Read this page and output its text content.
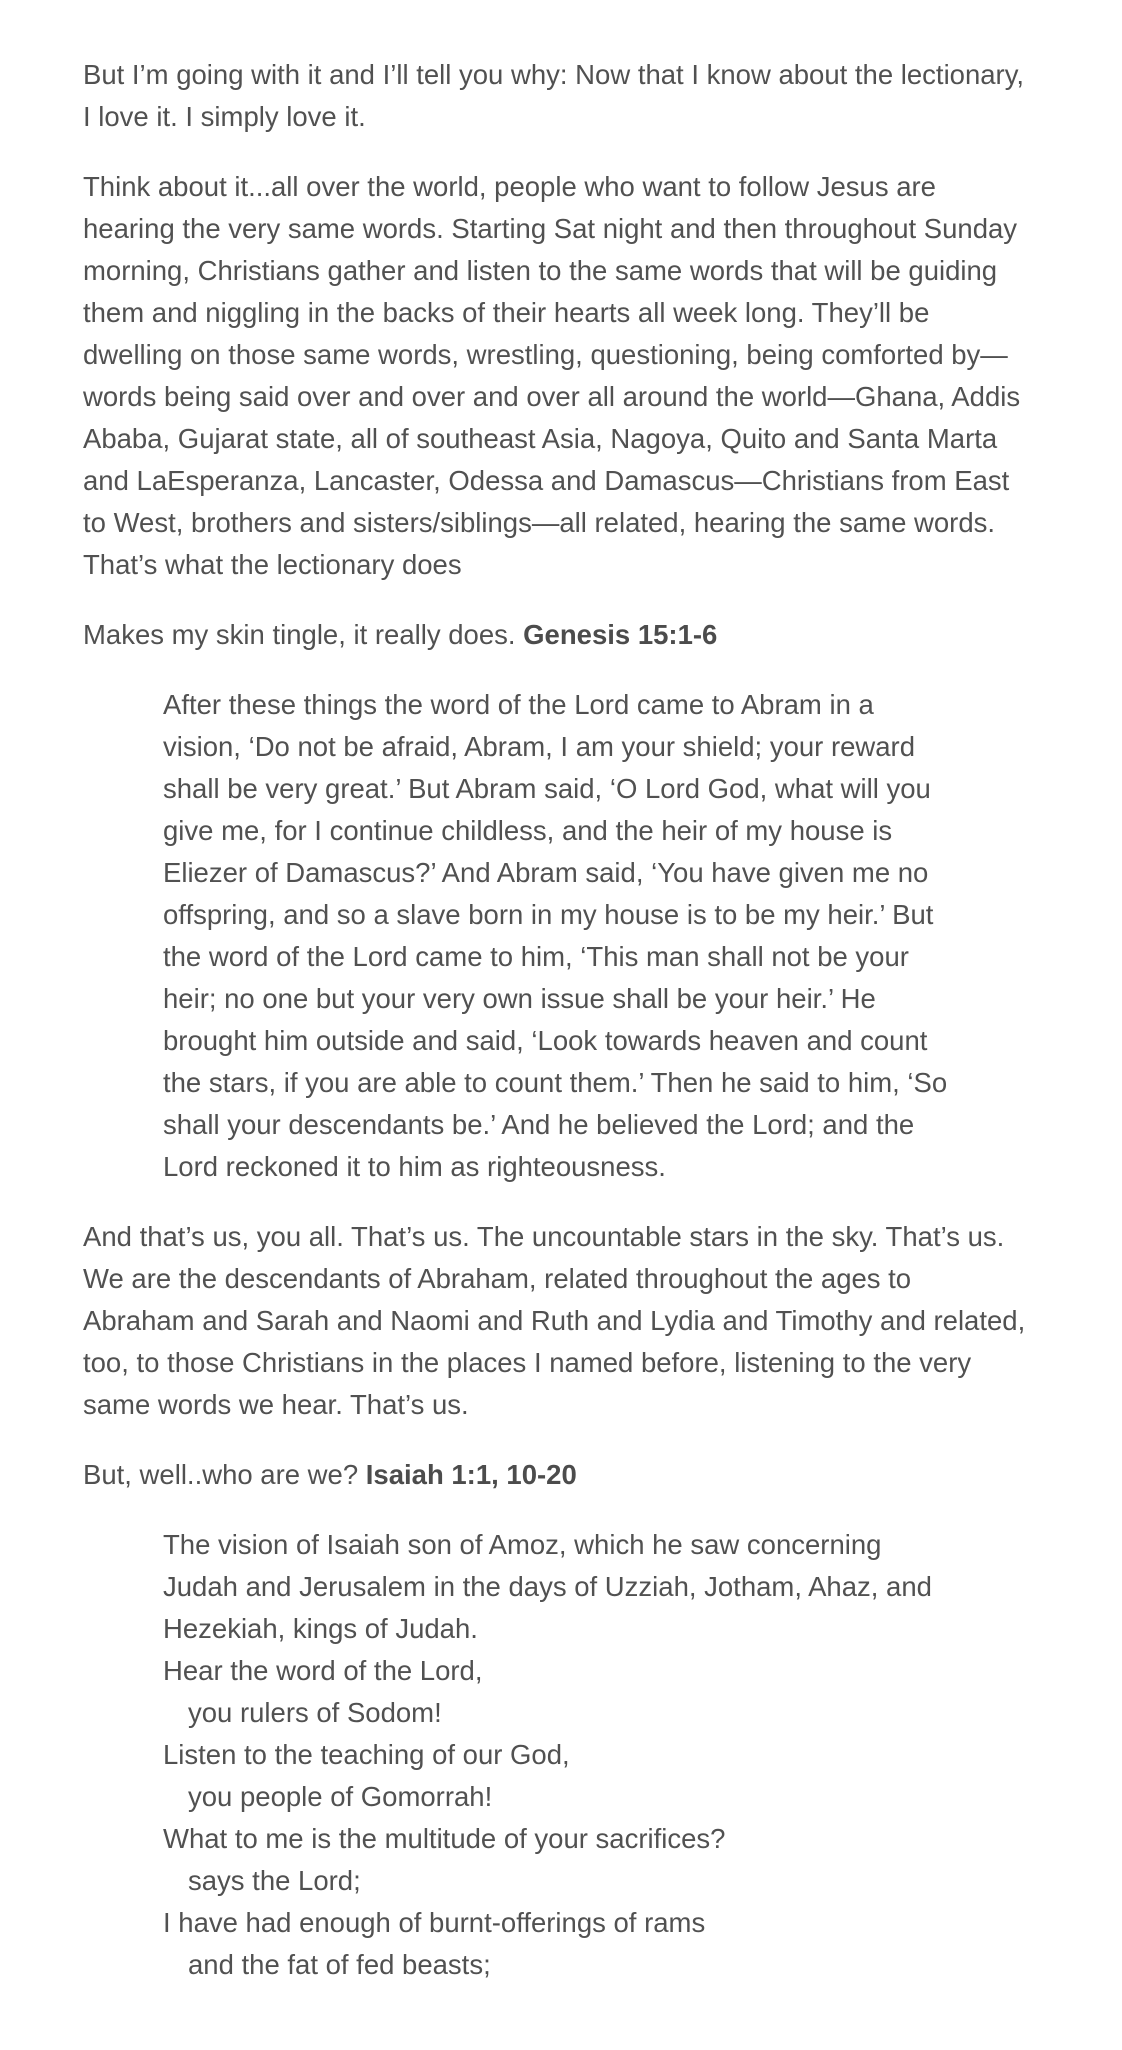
But I’m going with it and I’ll tell you why: Now that I know about the lectionary,
I love it. I simply love it.
Think about it...all over the world, people who want to follow Jesus are
hearing the very same words. Starting Sat night and then throughout Sunday
morning, Christians gather and listen to the same words that will be guiding
them and niggling in the backs of their hearts all week long. They’ll be
dwelling on those same words, wrestling, questioning, being comforted by—
words being said over and over and over all around the world—Ghana, Addis
Ababa, Gujarat state, all of southeast Asia, Nagoya, Quito and Santa Marta
and LaEsperanza, Lancaster, Odessa and Damascus—Christians from East
to West, brothers and sisters/siblings—all related, hearing the same words.
That’s what the lectionary does
Makes my skin tingle, it really does. Genesis 15:1-6
After these things the word of the Lord came to Abram in a
vision, ‘Do not be afraid, Abram, I am your shield; your reward
shall be very great.’ But Abram said, ‘O Lord God, what will you
give me, for I continue childless, and the heir of my house is
Eliezer of Damascus?’ And Abram said, ‘You have given me no
offspring, and so a slave born in my house is to be my heir.’ But
the word of the Lord came to him, ‘This man shall not be your
heir; no one but your very own issue shall be your heir.’ He
brought him outside and said, ‘Look towards heaven and count
the stars, if you are able to count them.’ Then he said to him, ‘So
shall your descendants be.’ And he believed the Lord; and the
Lord reckoned it to him as righteousness.
And that’s us, you all. That’s us. The uncountable stars in the sky. That’s us.
We are the descendants of Abraham, related throughout the ages to
Abraham and Sarah and Naomi and Ruth and Lydia and Timothy and related,
too, to those Christians in the places I named before, listening to the very
same words we hear. That’s us.
But, well..who are we? Isaiah 1:1, 10-20
The vision of Isaiah son of Amoz, which he saw concerning
Judah and Jerusalem in the days of Uzziah, Jotham, Ahaz, and
Hezekiah, kings of Judah.
Hear the word of the Lord,
you rulers of Sodom!
Listen to the teaching of our God,
you people of Gomorrah!
What to me is the multitude of your sacrifices?
says the Lord;
I have had enough of burnt-offerings of rams
and the fat of fed beasts;
